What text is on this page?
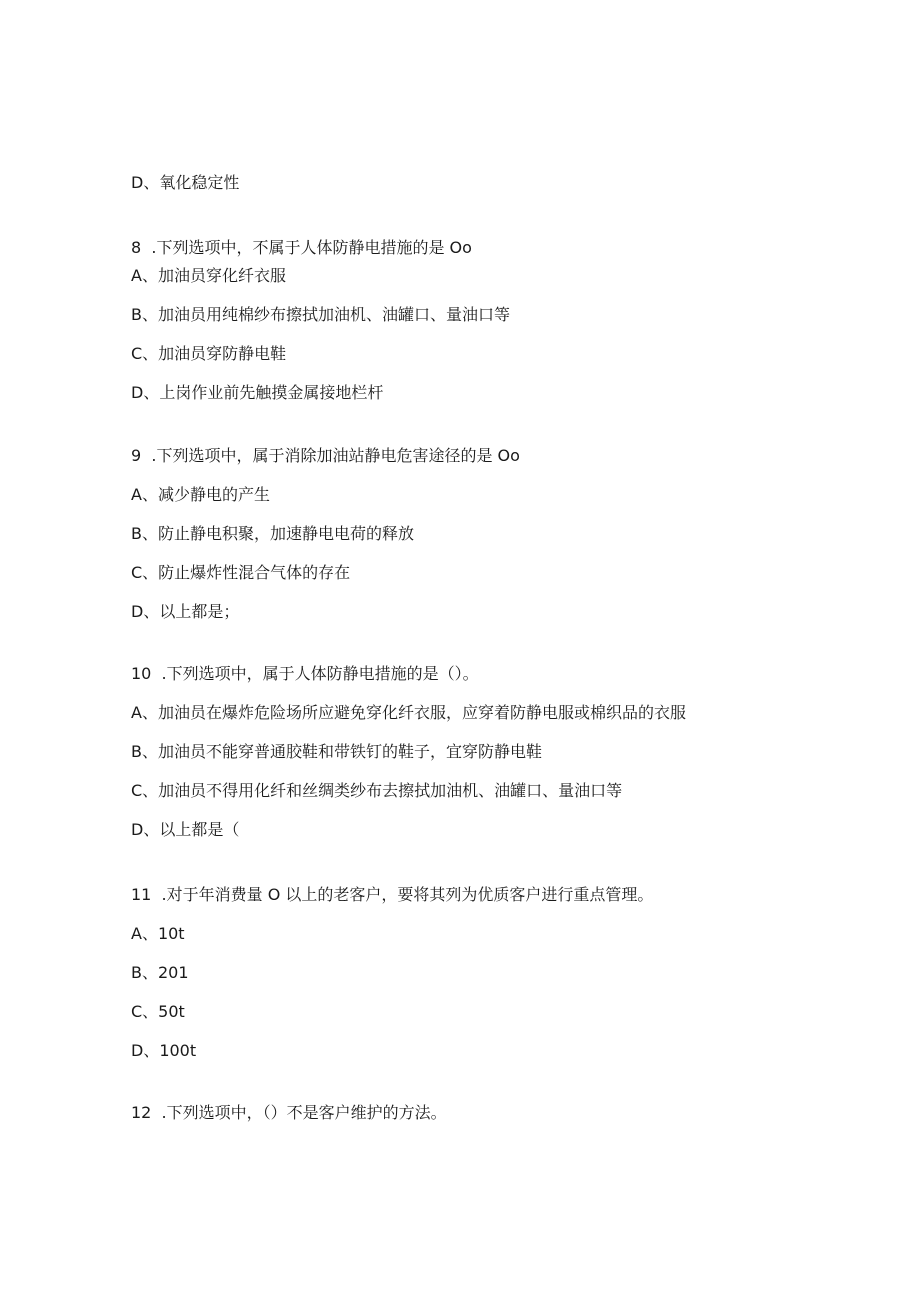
D、氧化稳定性
8  .下列选项中，不属于人体防静电措施的是 Oo
A、加油员穿化纤衣服
B、加油员用纯棉纱布擦拭加油机、油罐口、量油口等
C、加油员穿防静电鞋
D、上岗作业前先触摸金属接地栏杆
9  .下列选项中，属于消除加油站静电危害途径的是 Oo
A、减少静电的产生
B、防止静电积聚，加速静电电荷的释放
C、防止爆炸性混合气体的存在
D、以上都是；
10  .下列选项中，属于人体防静电措施的是（）。
A、加油员在爆炸危险场所应避免穿化纤衣服，应穿着防静电服或棉织品的衣服
B、加油员不能穿普通胶鞋和带铁钉的鞋子，宜穿防静电鞋
C、加油员不得用化纤和丝绸类纱布去擦拭加油机、油罐口、量油口等
D、以上都是（
11  .对于年消费量 O 以上的老客户，要将其列为优质客户进行重点管理。
A、10t
B、201
C、50t
D、100t
12  .下列选项中，（）不是客户维护的方法。
